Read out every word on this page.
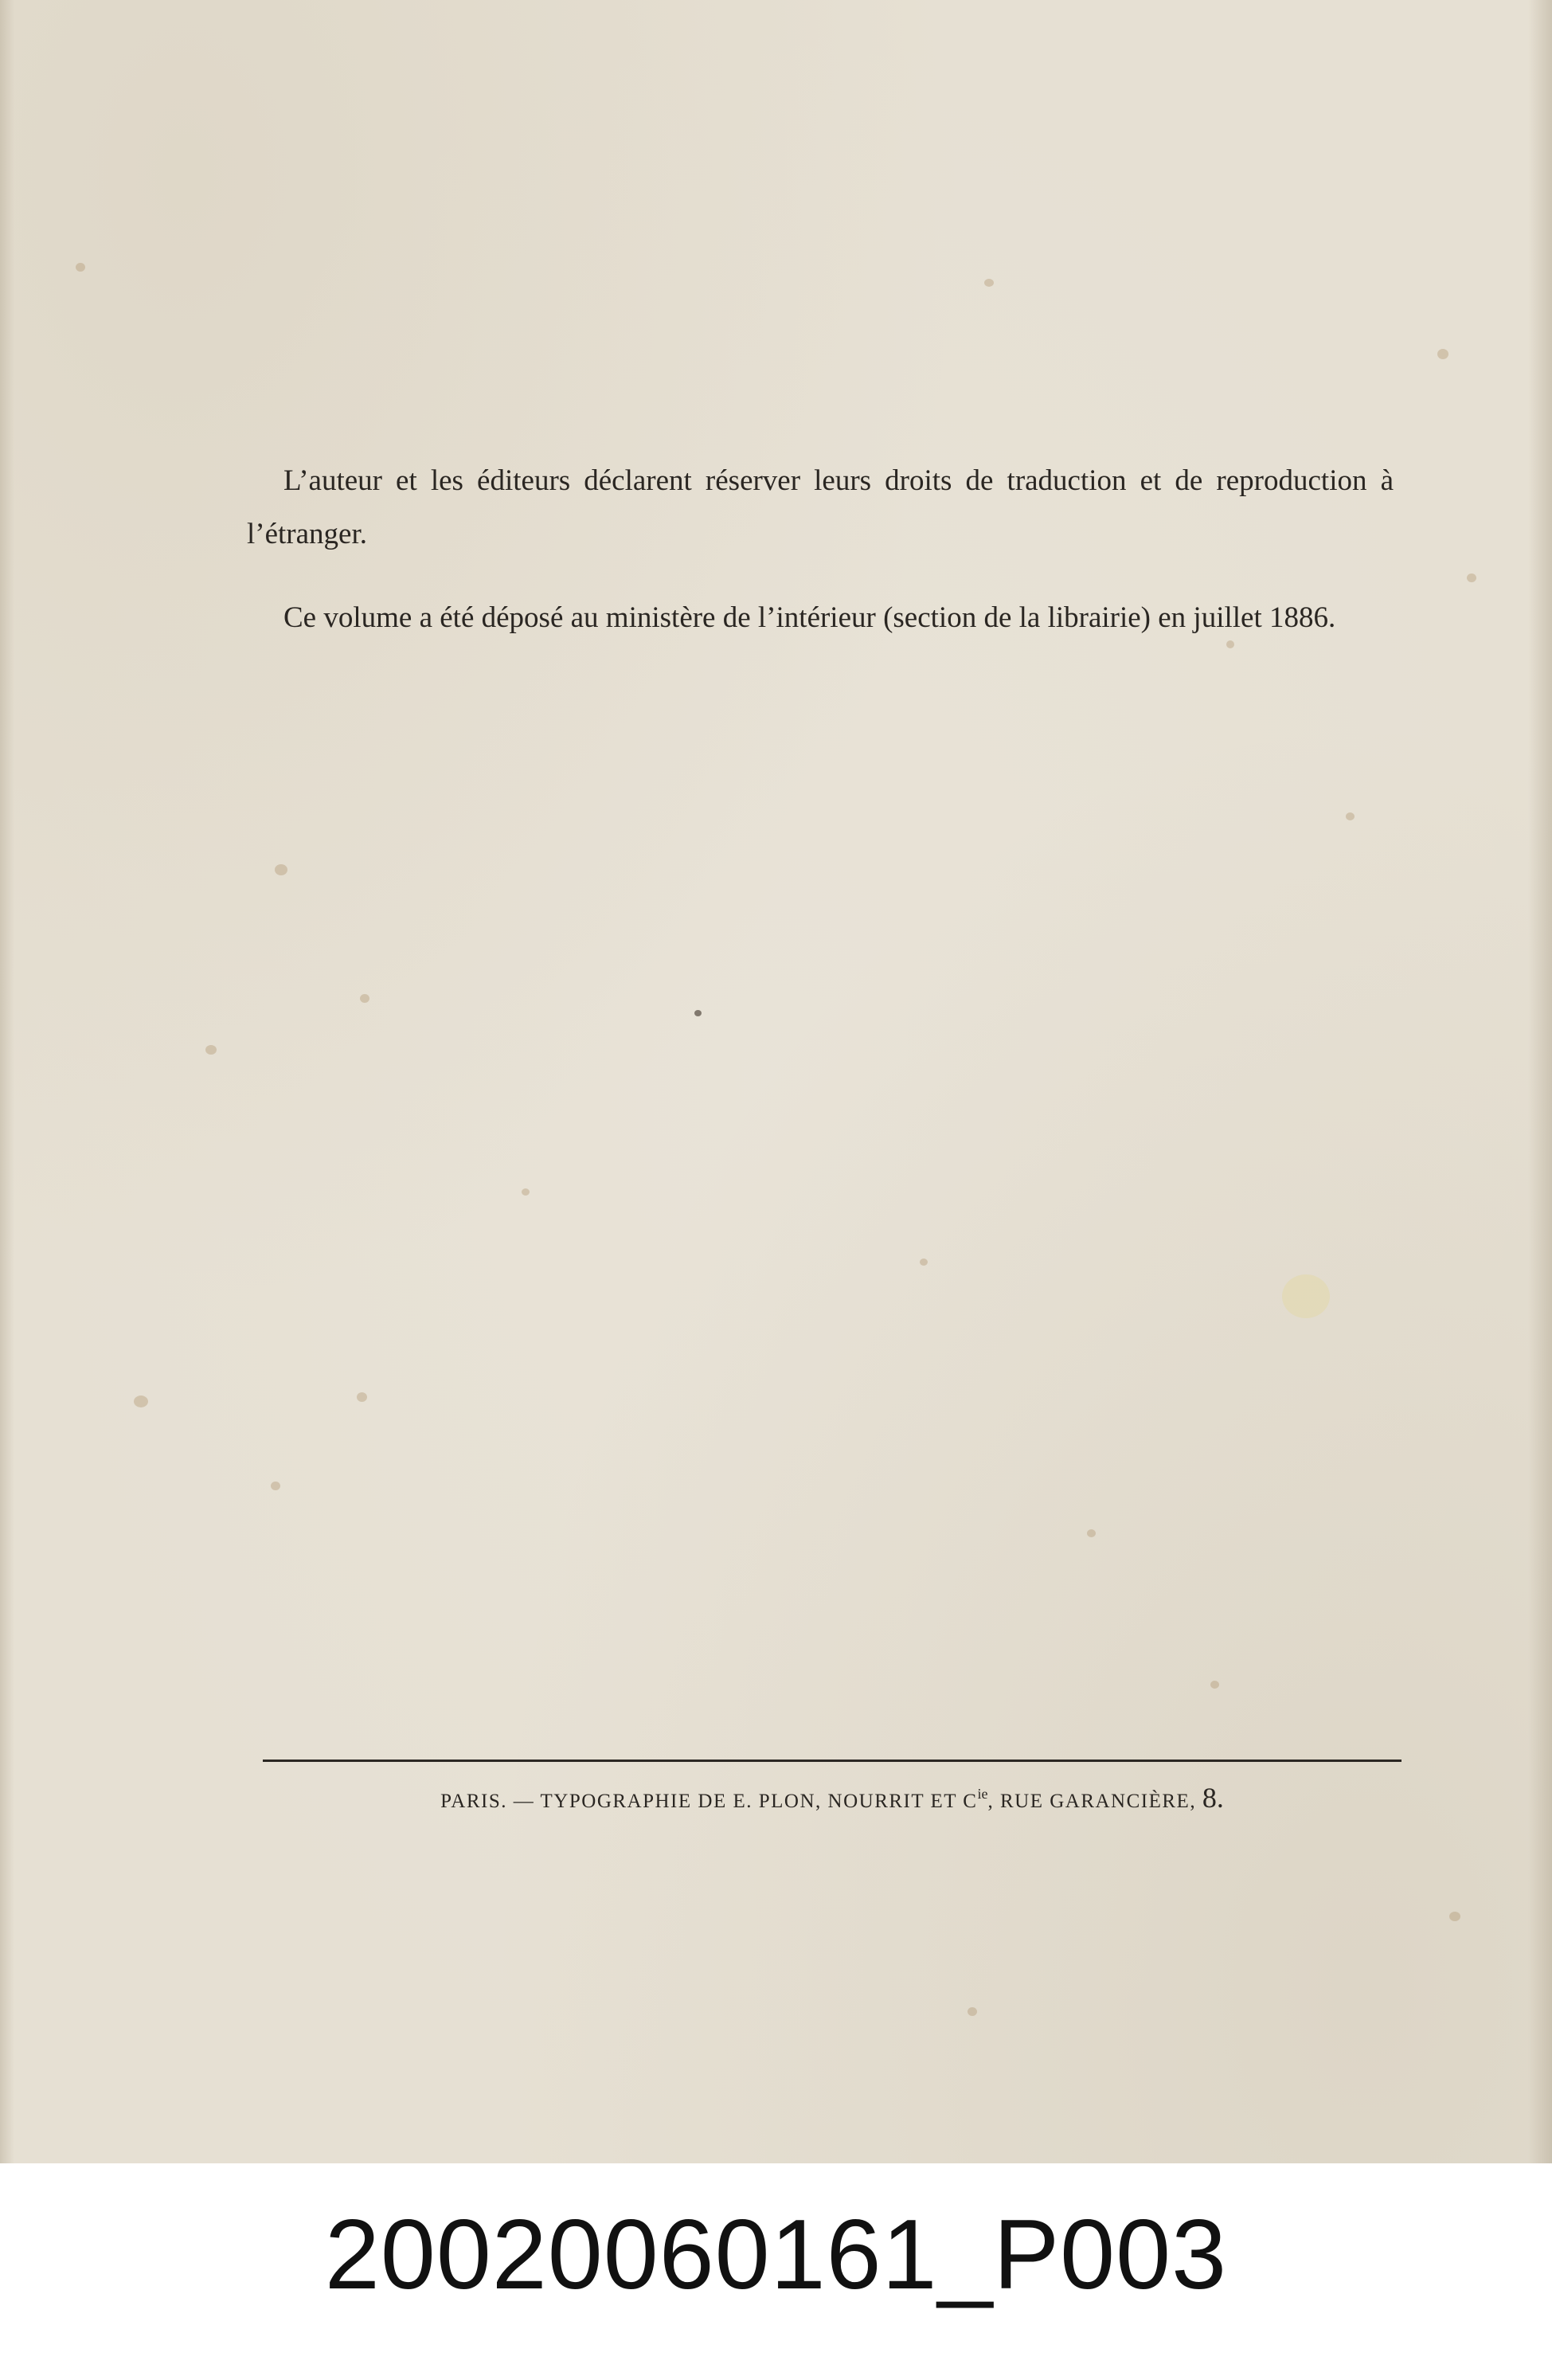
L’auteur et les éditeurs déclarent réserver leurs droits de traduction et de reproduction à l’étranger.

Ce volume a été déposé au ministère de l’intérieur (section de la librairie) en juillet 1886.

PARIS. — TYPOGRAPHIE DE E. PLON, NOURRIT ET $C^{ie}$, RUE GARANCIÈRE, 8.
20020060161_P003
